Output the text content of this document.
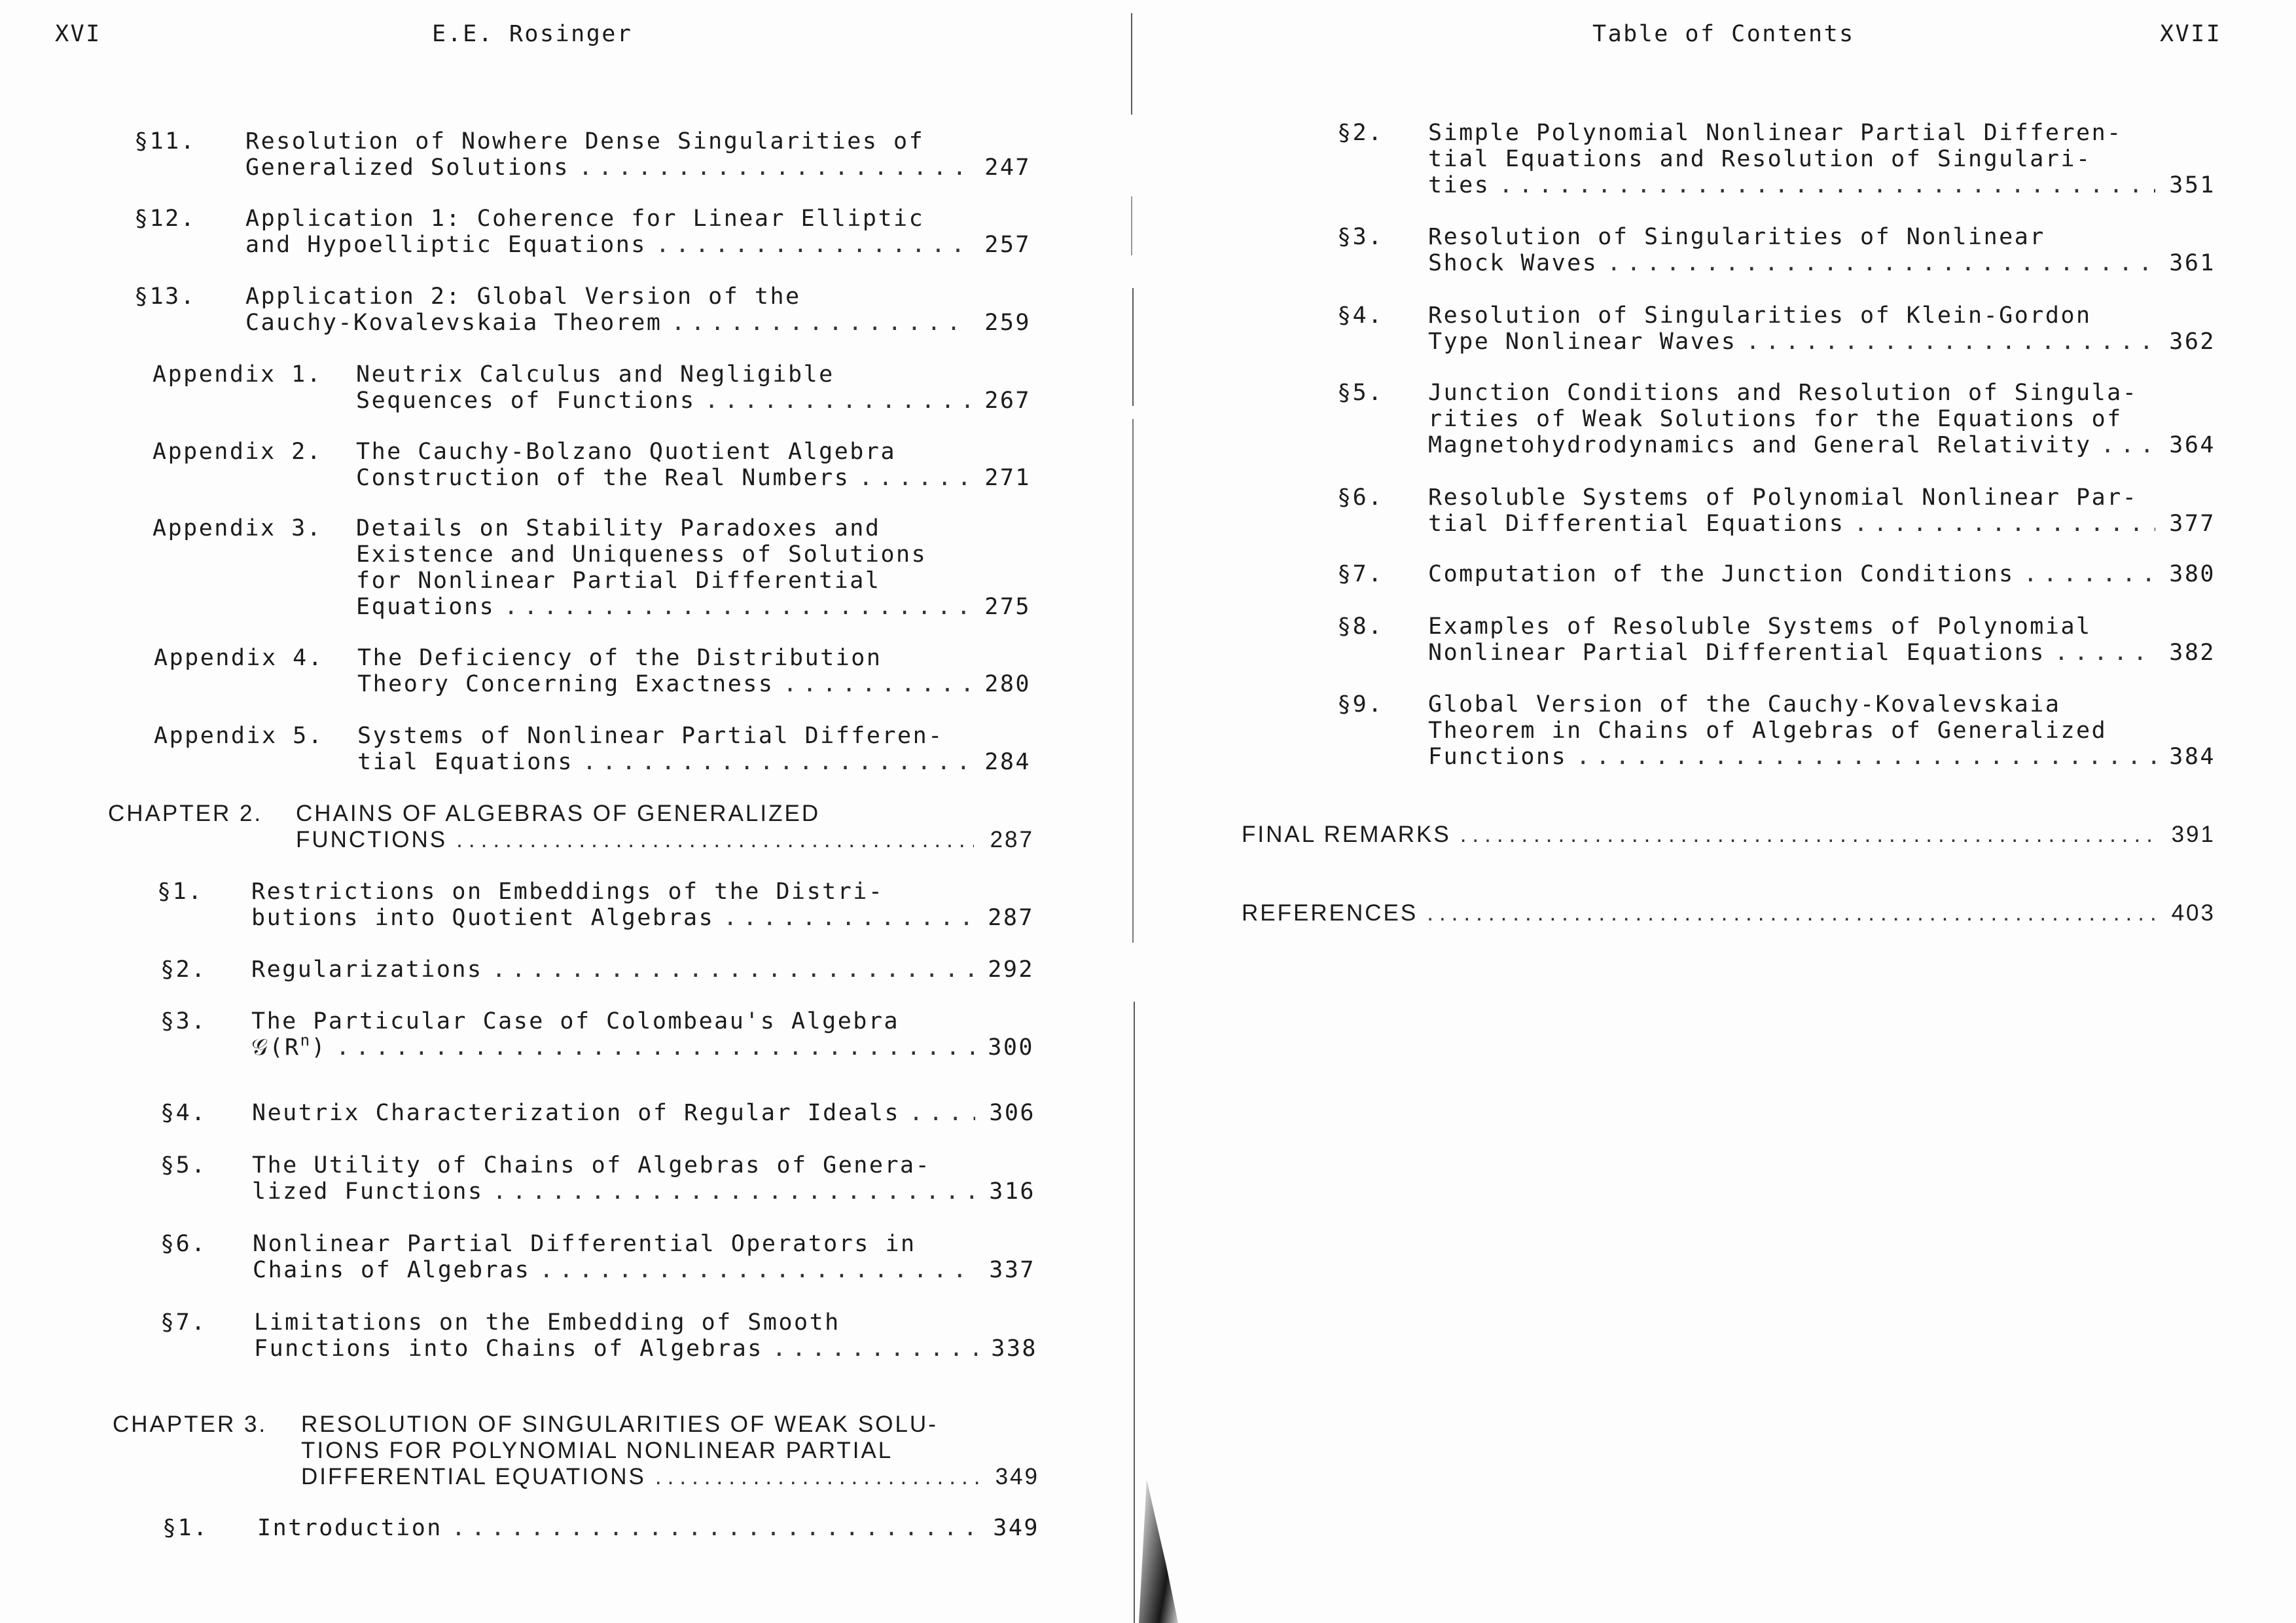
XVI	E.E. Rosinger
§11. Resolution of Nowhere Dense Singularities of
Generalized Solutions .....	247
§12. Application 1: Coherence for Linear Elliptic
and Hypoelliptic Equations .....	257
§13. Application 2: Global Version of the
Cauchy-Kovalevskaia Theorem .....	259
Appendix 1. Neutrix Calculus and Negligible
Sequences of Functions .....	267
Appendix 2. The Cauchy-Bolzano Quotient Algebra
Construction of the Real Numbers .....	271
Appendix 3. Details on Stability Paradoxes and
Existence and Uniqueness of Solutions
for Nonlinear Partial Differential
Equations .....	275
Appendix 4. The Deficiency of the Distribution
Theory Concerning Exactness .....	280
Appendix 5. Systems of Nonlinear Partial Differen-
tial Equations .....	284
CHAPTER 2. CHAINS OF ALGEBRAS OF GENERALIZED
FUNCTIONS .....	287
§1. Restrictions on Embeddings of the Distri-
butions into Quotient Algebras .....	287
§2. Regularizations .....	292
§3. The Particular Case of Colombeau's Algebra
$𝒢(R^n)$ .....	300
§4. Neutrix Characterization of Regular Ideals .....	306
§5. The Utility of Chains of Algebras of Genera-
lized Functions .....	316
§6. Nonlinear Partial Differential Operators in
Chains of Algebras .....	337
§7. Limitations on the Embedding of Smooth
Functions into Chains of Algebras .....	338
CHAPTER 3. RESOLUTION OF SINGULARITIES OF WEAK SOLU-
TIONS FOR POLYNOMIAL NONLINEAR PARTIAL
DIFFERENTIAL EQUATIONS .....	349
§1. Introduction .....	349
Table of Contents	XVII
§2. Simple Polynomial Nonlinear Partial Differen-
tial Equations and Resolution of Singulari-
ties .....	351
§3. Resolution of Singularities of Nonlinear
Shock Waves .....	361
§4. Resolution of Singularities of Klein-Gordon
Type Nonlinear Waves .....	362
§5. Junction Conditions and Resolution of Singula-
rities of Weak Solutions for the Equations of
Magnetohydrodynamics and General Relativity .....	364
§6. Resoluble Systems of Polynomial Nonlinear Par-
tial Differential Equations .....	377
§7. Computation of the Junction Conditions .....	380
§8. Examples of Resoluble Systems of Polynomial
Nonlinear Partial Differential Equations .....	382
§9. Global Version of the Cauchy-Kovalevskaia
Theorem in Chains of Algebras of Generalized
Functions .....	384
FINAL REMARKS .....	391
REFERENCES .....	403
